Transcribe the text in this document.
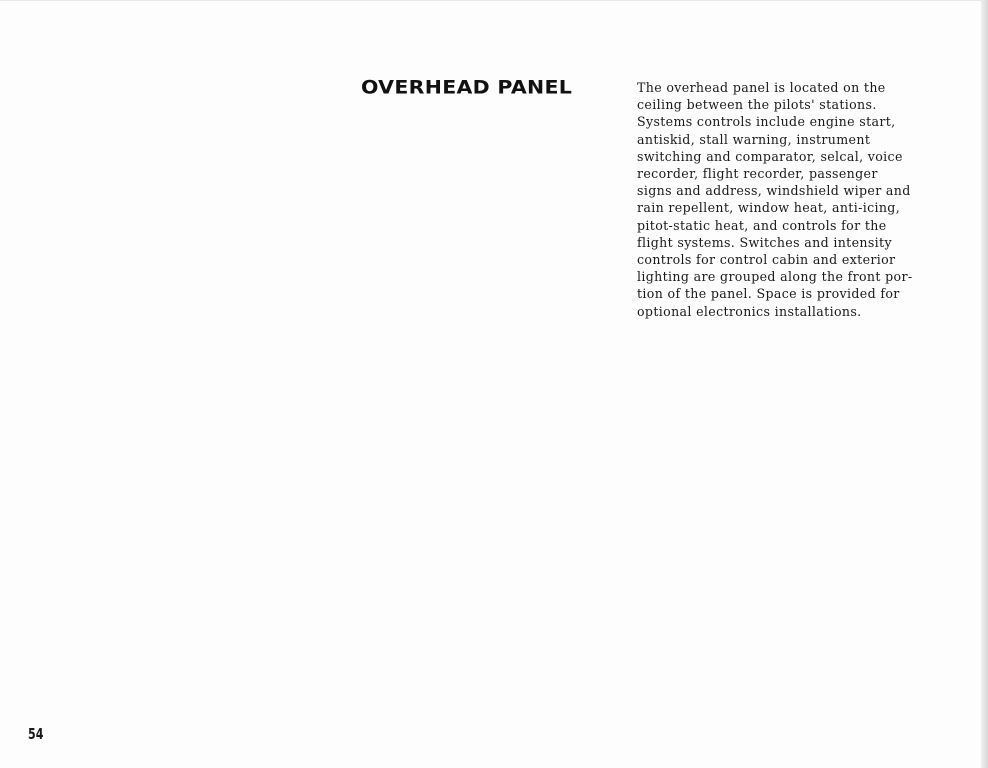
OVERHEAD PANEL	The overhead panel is located on the
ceiling between the pilots' stations.
Systems controls include engine start,
antiskid, stall warning, instrument
switching and comparator, selcal, voice
recorder, flight recorder, passenger
signs and address, windshield wiper and
rain repellent, window heat, anti-icing,
pitot-static heat, and controls for the
flight systems. Switches and intensity
controls for control cabin and exterior
lighting are grouped along the front por-
tion of the panel. Space is provided for
optional electronics installations.
54
